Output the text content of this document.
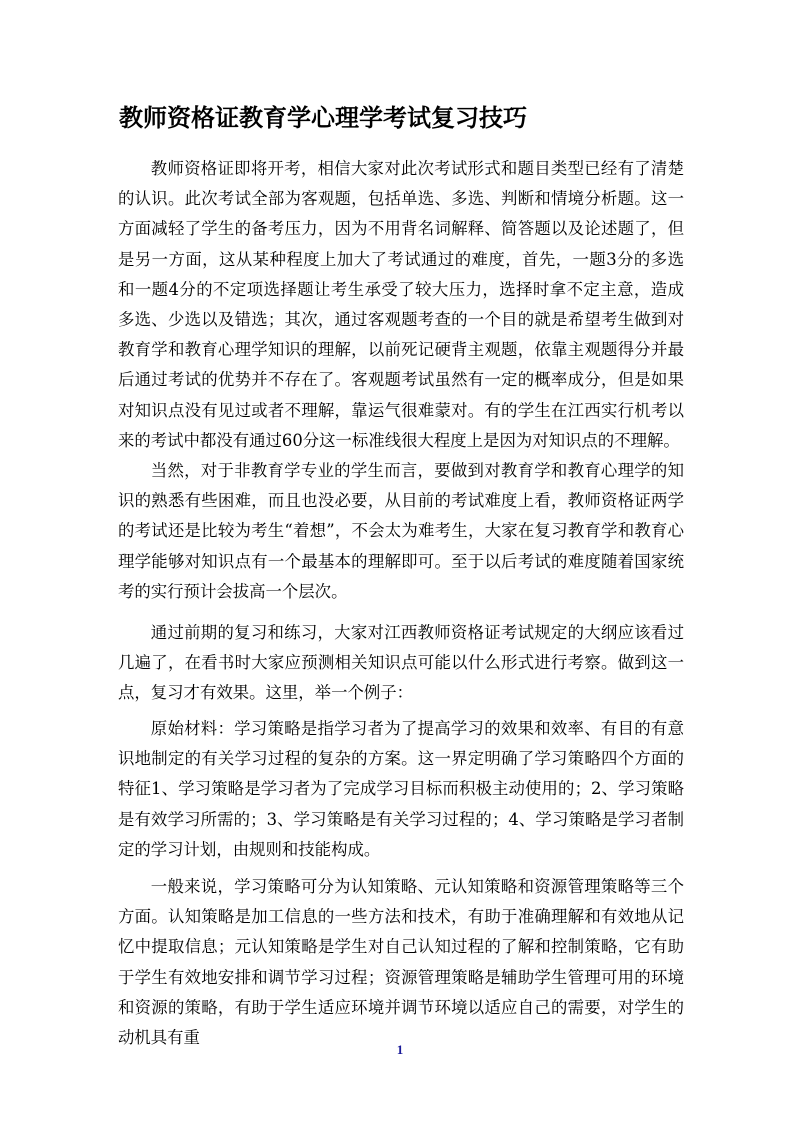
教师资格证教育学心理学考试复习技巧

教师资格证即将开考，相信大家对此次考试形式和题目类型已经有了清楚的认识。此次考试全部为客观题，包括单选、多选、判断和情境分析题。这一方面减轻了学生的备考压力，因为不用背名词解释、简答题以及论述题了，但是另一方面，这从某种程度上加大了考试通过的难度，首先，一题3分的多选和一题4分的不定项选择题让考生承受了较大压力，选择时拿不定主意，造成多选、少选以及错选；其次，通过客观题考查的一个目的就是希望考生做到对教育学和教育心理学知识的理解，以前死记硬背主观题，依靠主观题得分并最后通过考试的优势并不存在了。客观题考试虽然有一定的概率成分，但是如果对知识点没有见过或者不理解，靠运气很难蒙对。有的学生在江西实行机考以来的考试中都没有通过60分这一标准线很大程度上是因为对知识点的不理解。

当然，对于非教育学专业的学生而言，要做到对教育学和教育心理学的知识的熟悉有些困难，而且也没必要，从目前的考试难度上看，教师资格证两学的考试还是比较为考生“着想”，不会太为难考生，大家在复习教育学和教育心理学能够对知识点有一个最基本的理解即可。至于以后考试的难度随着国家统考的实行预计会拔高一个层次。

通过前期的复习和练习，大家对江西教师资格证考试规定的大纲应该看过几遍了，在看书时大家应预测相关知识点可能以什么形式进行考察。做到这一点，复习才有效果。这里，举一个例子：

原始材料：学习策略是指学习者为了提高学习的效果和效率、有目的有意识地制定的有关学习过程的复杂的方案。这一界定明确了学习策略四个方面的特征1、学习策略是学习者为了完成学习目标而积极主动使用的；2、学习策略是有效学习所需的；3、学习策略是有关学习过程的；4、学习策略是学习者制定的学习计划，由规则和技能构成。

一般来说，学习策略可分为认知策略、元认知策略和资源管理策略等三个方面。认知策略是加工信息的一些方法和技术，有助于准确理解和有效地从记忆中提取信息；元认知策略是学生对自己认知过程的了解和控制策略，它有助于学生有效地安排和调节学习过程；资源管理策略是辅助学生管理可用的环境和资源的策略，有助于学生适应环境并调节环境以适应自己的需要，对学生的动机具有重

1
